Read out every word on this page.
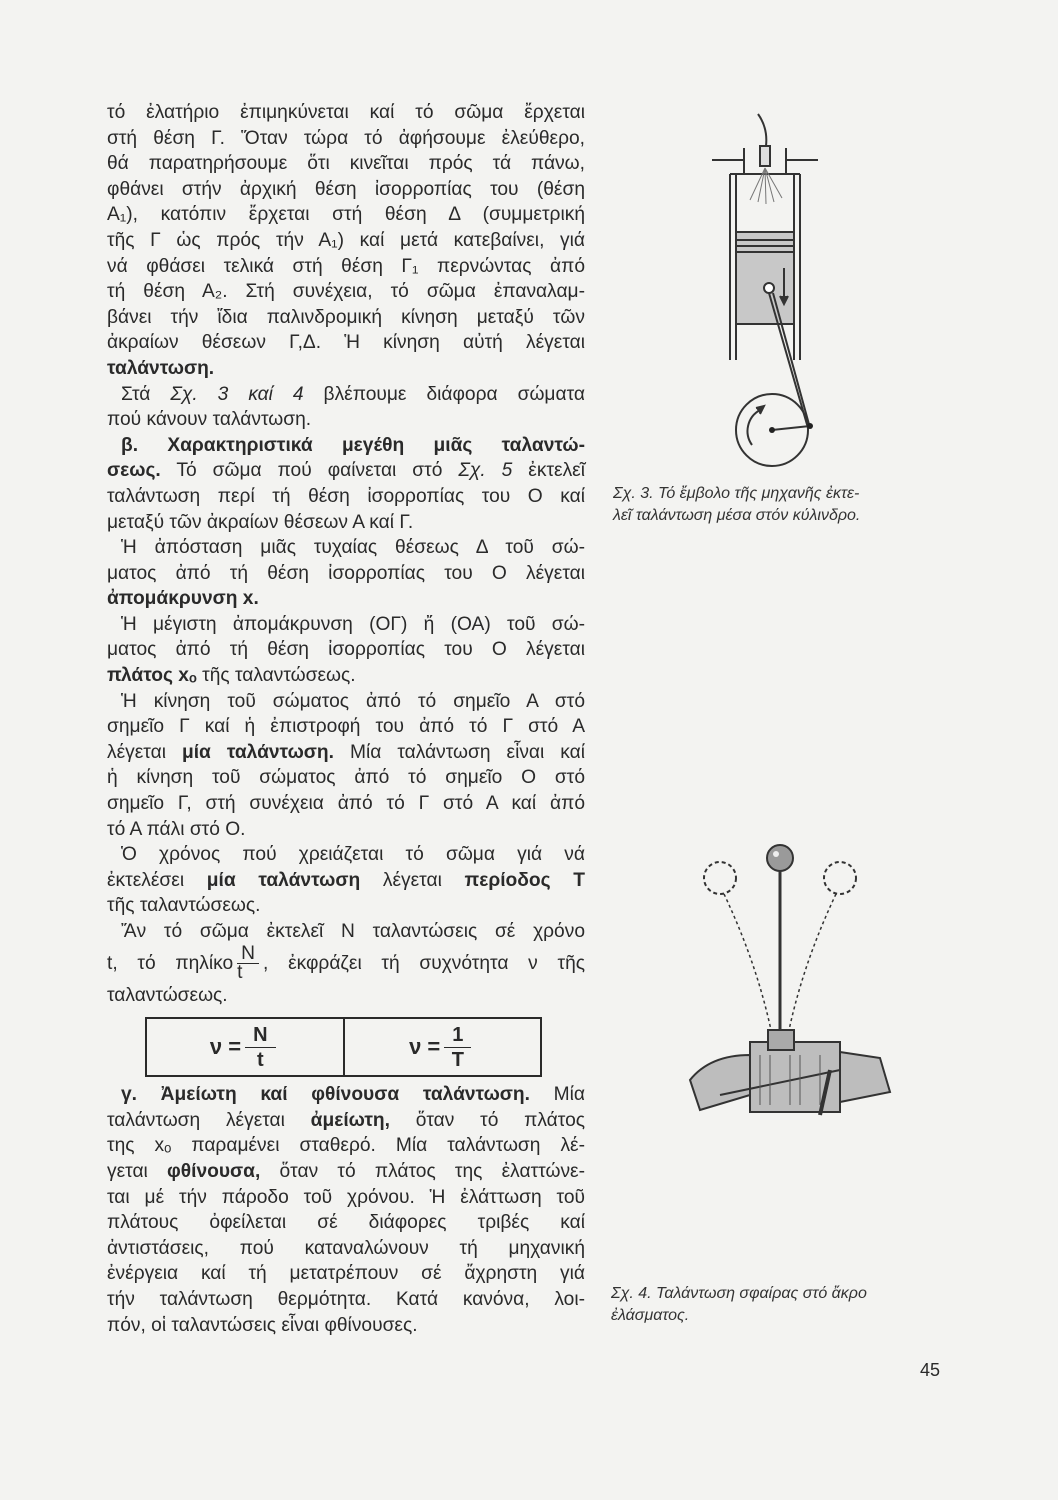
τό ἐλατήριο ἐπιμηκύνεται καί τό σῶμα ἔρχεται

στή θέση Γ. Ὅταν τώρα τό ἀφήσουμε ἐλεύθερο,

θά παρατηρήσουμε ὅτι κινεῖται πρός τά πάνω,

φθάνει στήν ἀρχική θέση ἰσορροπίας του (θέση

Α₁), κατόπιν ἔρχεται στή θέση Δ (συμμετρική

τῆς Γ ὡς πρός τήν Α₁) καί μετά κατεβαίνει, γιά

νά φθάσει τελικά στή θέση Γ₁ περνώντας ἀπό

τή θέση Α₂. Στή συνέχεια, τό σῶμα ἐπαναλαμ-

βάνει τήν ἴδια παλινδρομική κίνηση μεταξύ τῶν

ἀκραίων θέσεων Γ,Δ. Ἡ κίνηση αὐτή λέγεται

ταλάντωση.

Στά Σχ. 3 καί 4 βλέπουμε διάφορα σώματα

πού κάνουν ταλάντωση.

β. Χαρακτηριστικά μεγέθη μιᾶς ταλαντώ-

σεως. Τό σῶμα πού φαίνεται στό Σχ. 5 ἐκτελεῖ

ταλάντωση περί τή θέση ἰσορροπίας του Ο καί

μεταξύ τῶν ἀκραίων θέσεων Α καί Γ.

Ἡ ἀπόσταση μιᾶς τυχαίας θέσεως Δ τοῦ σώ-

ματος ἀπό τή θέση ἰσορροπίας του Ο λέγεται

ἀπομάκρυνση x.

Ἡ μέγιστη ἀπομάκρυνση (ΟΓ) ἤ (ΟΑ) τοῦ σώ-

ματος ἀπό τή θέση ἰσορροπίας του Ο λέγεται

πλάτος xₒ τῆς ταλαντώσεως.

Ἡ κίνηση τοῦ σώματος ἀπό τό σημεῖο Α στό

σημεῖο Γ καί ἡ ἐπιστροφή του ἀπό τό Γ στό Α

λέγεται μία ταλάντωση. Μία ταλάντωση εἶναι καί

ἡ κίνηση τοῦ σώματος ἀπό τό σημεῖο Ο στό

σημεῖο Γ, στή συνέχεια ἀπό τό Γ στό Α καί ἀπό

τό Α πάλι στό Ο.

Ὁ χρόνος πού χρειάζεται τό σῶμα γιά νά

ἐκτελέσει μία ταλάντωση λέγεται περίοδος Τ

τῆς ταλαντώσεως.

Ἄν τό σῶμα ἐκτελεῖ Ν ταλαντώσεις σέ χρόνο

t, τό πηλίκο $\frac{N}{t}$ , ἐκφράζει τή συχνότητα ν τῆς

ταλαντώσεως.

γ. Ἀμείωτη καί φθίνουσα ταλάντωση. Μία

ταλάντωση λέγεται ἀμείωτη, ὅταν τό πλάτος

της xₒ παραμένει σταθερό. Μία ταλάντωση λέ-

γεται φθίνουσα, ὅταν τό πλάτος της ἐλαττώνε-

ται μέ τήν πάροδο τοῦ χρόνου. Ἡ ἐλάττωση τοῦ

πλάτους ὀφείλεται σέ διάφορες τριβές καί

ἀντιστάσεις, πού καταναλώνουν τή μηχανική

ἐνέργεια καί τή μετατρέπουν σέ ἄχρηστη γιά

τήν ταλάντωση θερμότητα. Κατά κανόνα, λοι-

πόν, οἱ ταλαντώσεις εἶναι φθίνουσες.

$\nu = \frac{N}{t}$	$\nu = \frac{1}{T}$
Σχ. 3. Τό ἔμβολο τῆς μηχανῆς ἐκτε-
λεῖ ταλάντωση μέσα στόν κύλινδρο.
Σχ. 4. Ταλάντωση σφαίρας στό ἄκρο
ἐλάσματος.
45
